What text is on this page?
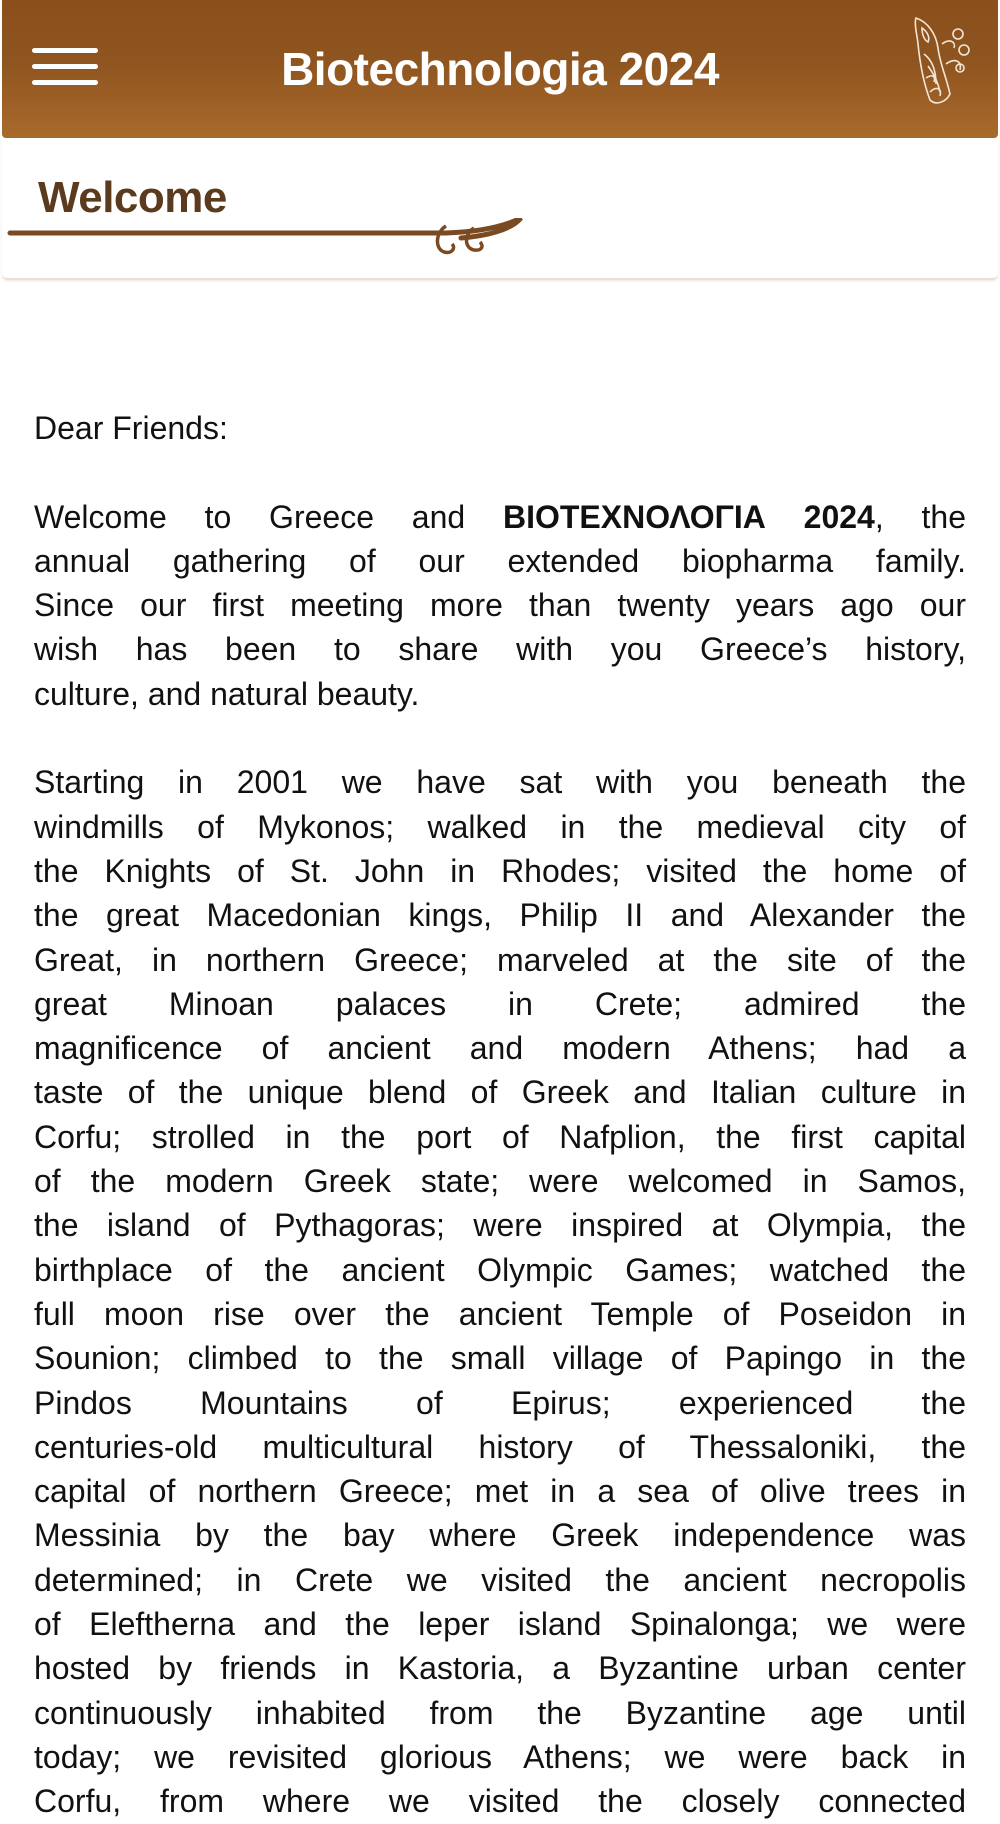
Biotechnologia 2024
Welcome
Dear Friends:
Welcome to Greece and ΒΙΟΤΕΧΝΟΛΟΓΙΑ 2024, the
annual gathering of our extended biopharma family.
Since our first meeting more than twenty years ago our
wish has been to share with you Greece’s history,
culture, and natural beauty.
Starting in 2001 we have sat with you beneath the
windmills of Mykonos; walked in the medieval city of
the Knights of St. John in Rhodes; visited the home of
the great Macedonian kings, Philip II and Alexander the
Great, in northern Greece; marveled at the site of the
great Minoan palaces in Crete; admired the
magnificence of ancient and modern Athens; had a
taste of the unique blend of Greek and Italian culture in
Corfu; strolled in the port of Nafplion, the first capital
of the modern Greek state; were welcomed in Samos,
the island of Pythagoras; were inspired at Olympia, the
birthplace of the ancient Olympic Games; watched the
full moon rise over the ancient Temple of Poseidon in
Sounion; climbed to the small village of Papingo in the
Pindos Mountains of Epirus; experienced the
centuries-old multicultural history of Thessaloniki, the
capital of northern Greece; met in a sea of olive trees in
Messinia by the bay where Greek independence was
determined; in Crete we visited the ancient necropolis
of Eleftherna and the leper island Spinalonga; we were
hosted by friends in Kastoria, a Byzantine urban center
continuously inhabited from the Byzantine age until
today; we revisited glorious Athens; we were back in
Corfu, from where we visited the closely connected
